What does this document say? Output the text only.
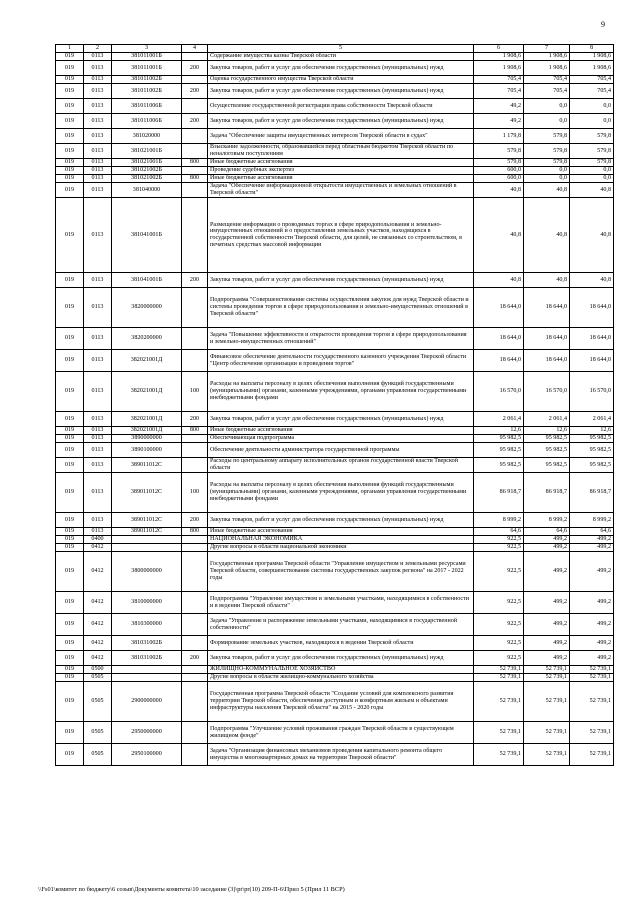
9
1	2	3	4	5	6	7	8
019	0113	381011001Б		Содержание имущества казны Тверской области	1 908,6	1 908,6	1 908,6
019	0113	381011001Б	200	Закупка товаров, работ и услуг для обеспечения государственных (муниципальных) нужд	1 908,6	1 908,6	1 908,6
019	0113	381011002Б		Оценка государственного имущества Тверской области	705,4	705,4	705,4
019	0113	381011002Б	200	Закупка товаров, работ и услуг для обеспечения государственных (муниципальных) нужд	705,4	705,4	705,4
019	0113	381011006Б		Осуществление государственной регистрации права собственности Тверской области	49,2	0,0	0,0
019	0113	381011006Б	200	Закупка товаров, работ и услуг для обеспечения государственных (муниципальных) нужд	49,2	0,0	0,0
019	0113	381020000		Задача "Обеспечение защиты имущественных интересов Тверской области в судах"	1 179,8	579,8	579,8
019	0113	381021001Б		Взыскание задолженности, образовавшейся перед областным бюджетом Тверской области по неналоговым поступлениям	579,8	579,8	579,8
019	0113	381021001Б	800	Иные бюджетные ассигнования	579,8	579,8	579,8
019	0113	381021002Б		Проведение судебных экспертиз	600,0	0,0	0,0
019	0113	381021002Б	800	Иные бюджетные ассигнования	600,0	0,0	0,0
019	0113	381040000		Задача "Обеспечение информационной открытости имущественных и земельных отношений в Тверской области"	40,8	40,8	40,8
019	0113	381041001Б		Размещение информации о проводимых торгах в сфере природопользования и земельно-имущественных отношений и о предоставлении земельных участков, находящихся в государственной собственности Тверской области, для целей, не связанных со строительством, в печатных средствах массовой информации	40,8	40,8	40,8
019	0113	381041001Б	200	Закупка товаров, работ и услуг для обеспечения государственных (муниципальных) нужд	40,8	40,8	40,8
019	0113	3820000000		Подпрограмма "Совершенствование системы осуществления закупок для нужд Тверской области и системы проведения торгов в сфере природопользования и земельно-имущественных отношений в Тверской области"	18 644,0	18 644,0	18 644,0
019	0113	3820200000		Задача "Повышение эффективности и открытости проведения торгов в сфере природопользования и земельно-имущественных отношений"	18 644,0	18 644,0	18 644,0
019	0113	382021001Д		Финансовое обеспечение деятельности государственного казенного учреждения Тверской области "Центр обеспечения организации и проведения торгов"	18 644,0	18 644,0	18 644,0
019	0113	382021001Д	100	Расходы на выплаты персоналу в целях обеспечения выполнения функций государственными (муниципальными) органами, казенными учреждениями, органами управления государственными внебюджетными фондами	16 570,0	16 570,0	16 570,0
019	0113	382021001Д	200	Закупка товаров, работ и услуг для обеспечения государственных (муниципальных) нужд	2 061,4	2 061,4	2 061,4
019	0113	382021001Д	800	Иные бюджетные ассигнования	12,6	12,6	12,6
019	0113	3890000000		Обеспечивающая подпрограмма	95 982,5	95 982,5	95 982,5
019	0113	3890100000		Обеспечение деятельности администратора государственной программы	95 982,5	95 982,5	95 982,5
019	0113	389011012С		Расходы по центральному аппарату исполнительных органов государственной власти Тверской области	95 982,5	95 982,5	95 982,5
019	0113	389011012С	100	Расходы на выплаты персоналу в целях обеспечения выполнения функций государственными (муниципальными) органами, казенными учреждениями, органами управления государственными внебюджетными фондами	86 918,7	86 918,7	86 918,7
019	0113	389011012С	200	Закупка товаров, работ и услуг для обеспечения государственных (муниципальных) нужд	8 999,2	8 999,2	8 999,2
019	0113	389011012С	800	Иные бюджетные ассигнования	64,6	64,6	64,6
019	0400			НАЦИОНАЛЬНАЯ ЭКОНОМИКА	922,5	499,2	499,2
019	0412			Другие вопросы в области национальной экономики	922,5	499,2	499,2
019	0412	3800000000		Государственная программа Тверской области "Управление имуществом и земельными ресурсами Тверской области, совершенствование системы государственных закупок региона" на 2017 - 2022 годы	922,5	499,2	499,2
019	0412	3810000000		Подпрограмма "Управление имуществом и земельными участками, находящимися в собственности и в ведении Тверской области"	922,5	499,2	499,2
019	0412	3810300000		Задача "Управление и распоряжение земельными участками, находящимися в государственной собственности"	922,5	499,2	499,2
019	0412	381031002Б		Формирование земельных участков, находящихся в ведении Тверской области	922,5	499,2	499,2
019	0412	381031002Б	200	Закупка товаров, работ и услуг для обеспечения государственных (муниципальных) нужд	922,5	499,2	499,2
019	0500			ЖИЛИЩНО-КОММУНАЛЬНОЕ ХОЗЯЙСТВО	52 739,1	52 739,1	52 739,1
019	0505			Другие вопросы в области жилищно-коммунального хозяйства	52 739,1	52 739,1	52 739,1
019	0505	2900000000		Государственная программа Тверской области "Создание условий для комплексного развития территории Тверской области, обеспечения доступным и комфортным жильем и объектами инфраструктуры населения Тверской области" на 2015 - 2020 годы	52 739,1	52 739,1	52 739,1
019	0505	2950000000		Подпрограмма "Улучшение условий проживания граждан Тверской области в существующем жилищном фонде"	52 739,1	52 739,1	52 739,1
019	0505	2950100000		Задача "Организация финансовых механизмов проведения капитального ремонта общего имущества в многоквартирных домах на территории Тверской области"	52 739,1	52 739,1	52 739,1
\\Fs01\комитет по бюджету\6 созыв\Документы комитета\10 заседание (3)\pr\pr(10) 209-П-6\Прил 5 (Прил 11 ВСР)
